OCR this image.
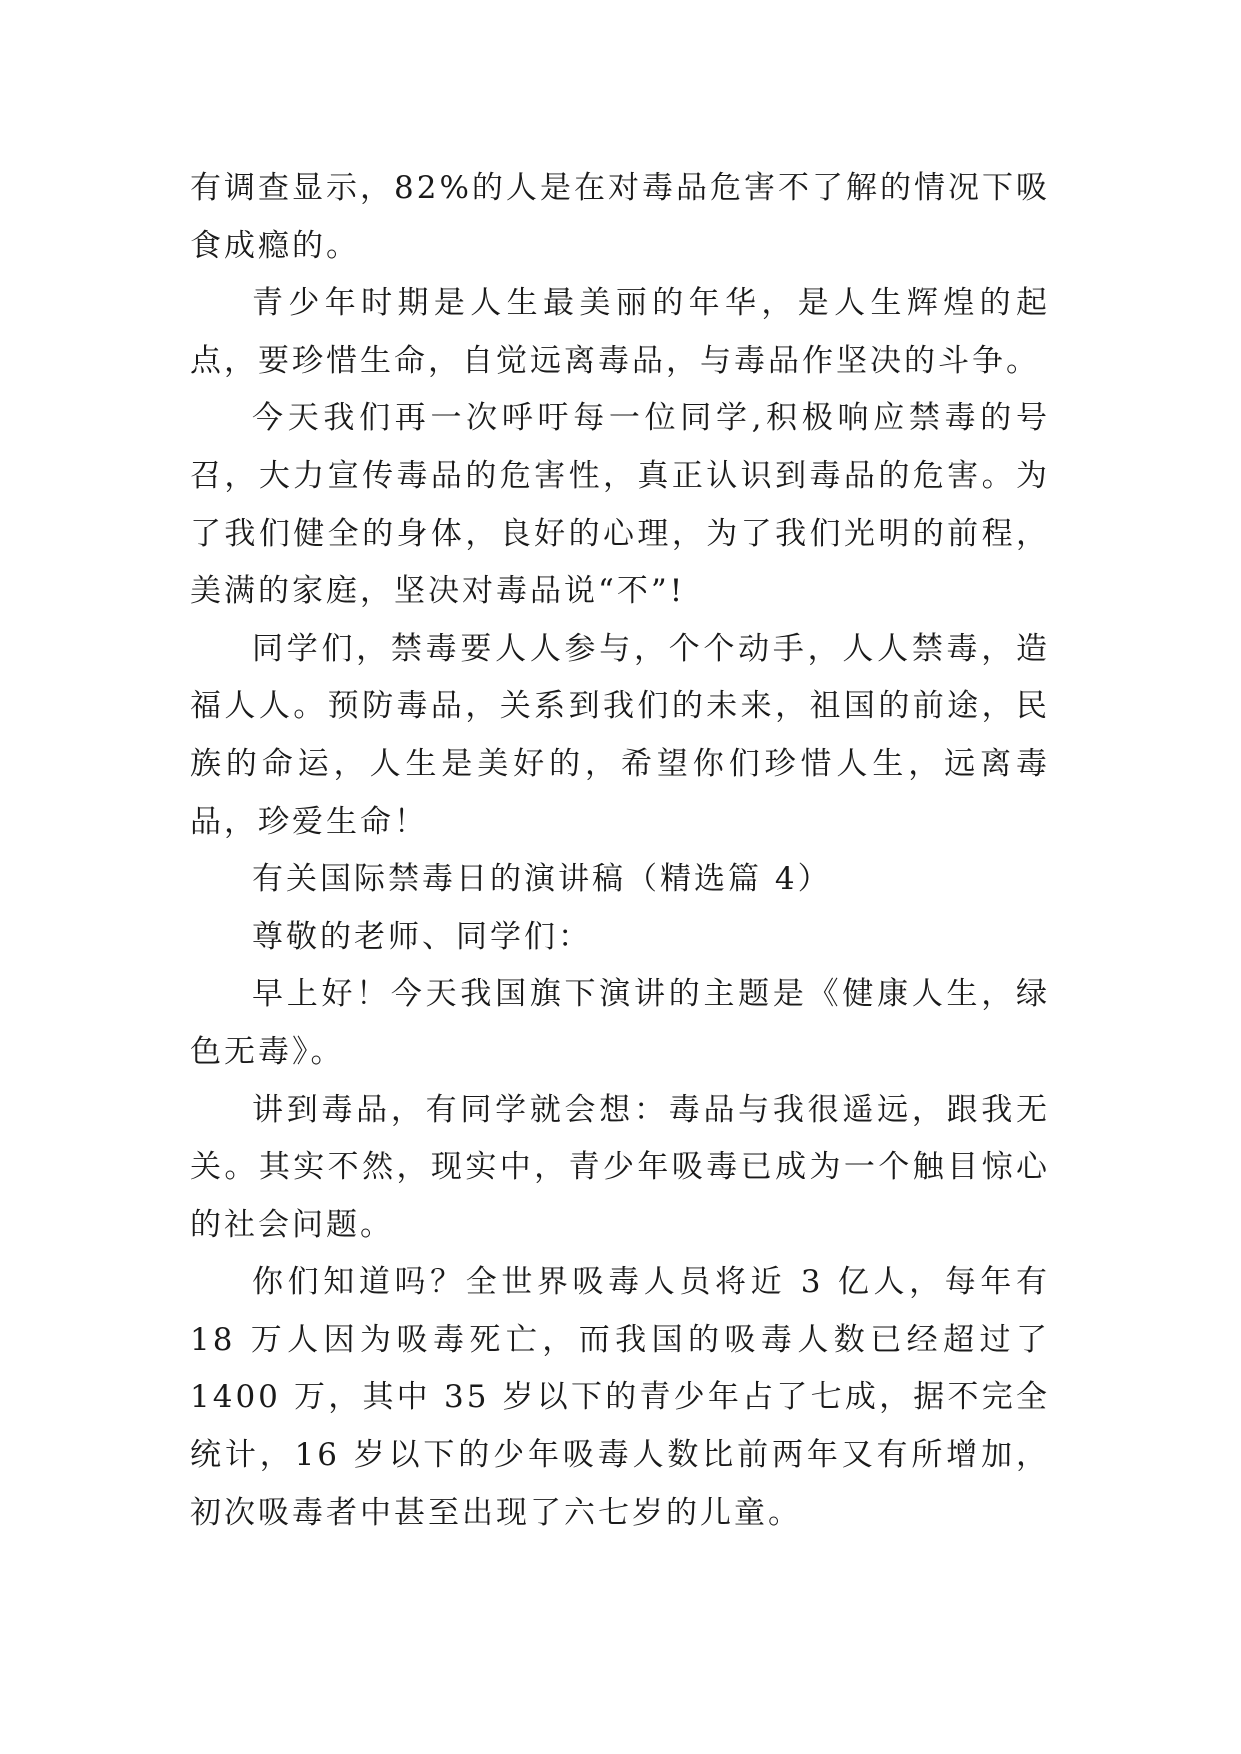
有调查显示，82%的人是在对毒品危害不了解的情况下吸食成瘾的。

青少年时期是人生最美丽的年华，是人生辉煌的起点，要珍惜生命，自觉远离毒品，与毒品作坚决的斗争。

今天我们再一次呼吁每一位同学,积极响应禁毒的号召，大力宣传毒品的危害性，真正认识到毒品的危害。为了我们健全的身体，良好的心理，为了我们光明的前程，美满的家庭，坚决对毒品说“不”!

同学们，禁毒要人人参与，个个动手，人人禁毒，造福人人。预防毒品，关系到我们的未来，祖国的前途，民族的命运，人生是美好的，希望你们珍惜人生，远离毒品，珍爱生命！

有关国际禁毒日的演讲稿（精选篇 4）

尊敬的老师、同学们：

早上好！今天我国旗下演讲的主题是《健康人生，绿色无毒》。

讲到毒品，有同学就会想：毒品与我很遥远，跟我无关。其实不然，现实中，青少年吸毒已成为一个触目惊心的社会问题。

你们知道吗？全世界吸毒人员将近 3 亿人，每年有 18 万人因为吸毒死亡，而我国的吸毒人数已经超过了 1400 万，其中 35 岁以下的青少年占了七成，据不完全统计，16 岁以下的少年吸毒人数比前两年又有所增加，初次吸毒者中甚至出现了六七岁的儿童。
